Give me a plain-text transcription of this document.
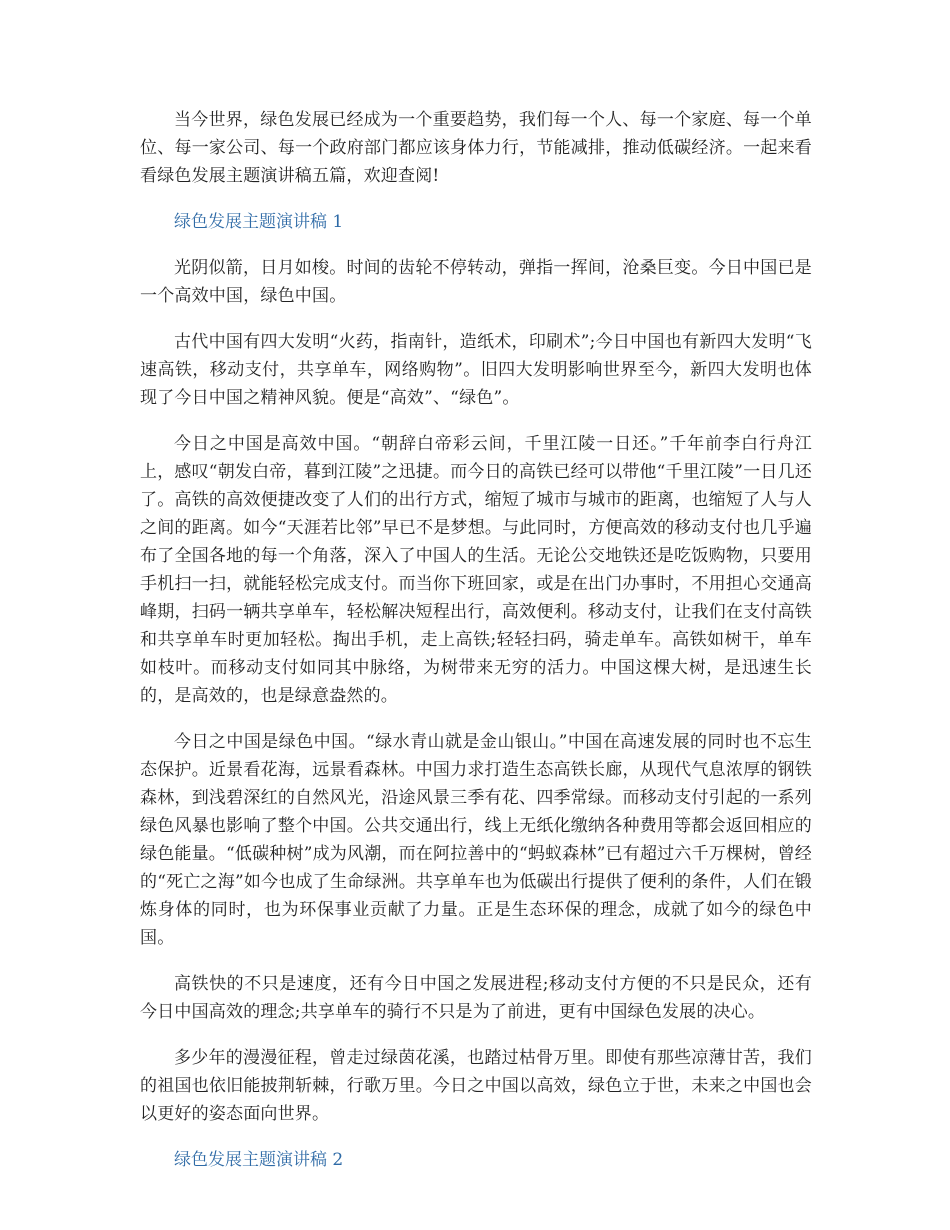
当今世界，绿色发展已经成为一个重要趋势，我们每一个人、每一个家庭、每一个单位、每一家公司、每一个政府部门都应该身体力行，节能减排，推动低碳经济。一起来看看绿色发展主题演讲稿五篇，欢迎查阅!

绿色发展主题演讲稿 1

光阴似箭，日月如梭。时间的齿轮不停转动，弹指一挥间，沧桑巨变。今日中国已是一个高效中国，绿色中国。

古代中国有四大发明“火药，指南针，造纸术，印刷术”;今日中国也有新四大发明“飞速高铁，移动支付，共享单车，网络购物”。旧四大发明影响世界至今，新四大发明也体现了今日中国之精神风貌。便是“高效”、“绿色”。

今日之中国是高效中国。“朝辞白帝彩云间，千里江陵一日还。”千年前李白行舟江上，感叹“朝发白帝，暮到江陵”之迅捷。而今日的高铁已经可以带他“千里江陵”一日几还了。高铁的高效便捷改变了人们的出行方式，缩短了城市与城市的距离，也缩短了人与人之间的距离。如今“天涯若比邻”早已不是梦想。与此同时，方便高效的移动支付也几乎遍布了全国各地的每一个角落，深入了中国人的生活。无论公交地铁还是吃饭购物，只要用手机扫一扫，就能轻松完成支付。而当你下班回家，或是在出门办事时，不用担心交通高峰期，扫码一辆共享单车，轻松解决短程出行，高效便利。移动支付，让我们在支付高铁和共享单车时更加轻松。掏出手机，走上高铁;轻轻扫码，骑走单车。高铁如树干，单车如枝叶。而移动支付如同其中脉络，为树带来无穷的活力。中国这棵大树，是迅速生长的，是高效的，也是绿意盎然的。

今日之中国是绿色中国。“绿水青山就是金山银山。”中国在高速发展的同时也不忘生态保护。近景看花海，远景看森林。中国力求打造生态高铁长廊，从现代气息浓厚的钢铁森林，到浅碧深红的自然风光，沿途风景三季有花、四季常绿。而移动支付引起的一系列绿色风暴也影响了整个中国。公共交通出行，线上无纸化缴纳各种费用等都会返回相应的绿色能量。“低碳种树”成为风潮，而在阿拉善中的“蚂蚁森林”已有超过六千万棵树，曾经的“死亡之海”如今也成了生命绿洲。共享单车也为低碳出行提供了便利的条件，人们在锻炼身体的同时，也为环保事业贡献了力量。正是生态环保的理念，成就了如今的绿色中国。

高铁快的不只是速度，还有今日中国之发展进程;移动支付方便的不只是民众，还有今日中国高效的理念;共享单车的骑行不只是为了前进，更有中国绿色发展的决心。

多少年的漫漫征程，曾走过绿茵花溪，也踏过枯骨万里。即使有那些凉薄甘苦，我们的祖国也依旧能披荆斩棘，行歌万里。今日之中国以高效，绿色立于世，未来之中国也会以更好的姿态面向世界。

绿色发展主题演讲稿 2
